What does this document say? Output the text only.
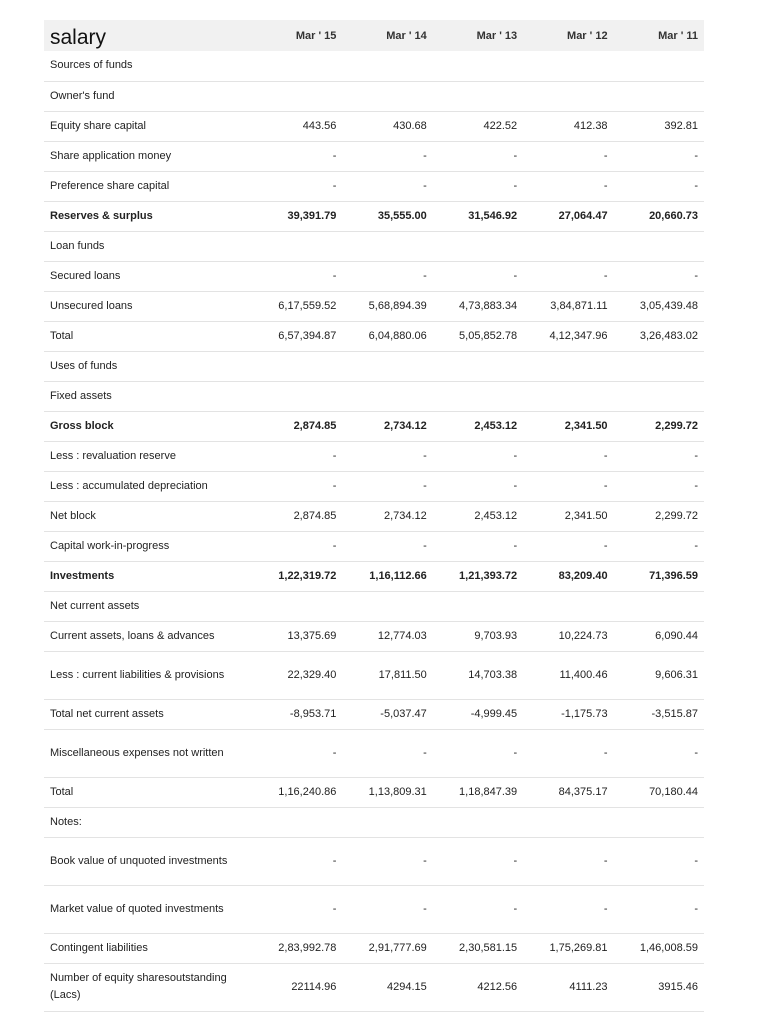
salary	Mar ' 15	Mar ' 14	Mar ' 13	Mar ' 12	Mar ' 11
Sources of funds					
Owner's fund					
Equity share capital	443.56	430.68	422.52	412.38	392.81
Share application money	-	-	-	-	-
Preference share capital	-	-	-	-	-
Reserves & surplus	39,391.79	35,555.00	31,546.92	27,064.47	20,660.73
Loan funds					
Secured loans	-	-	-	-	-
Unsecured loans	6,17,559.52	5,68,894.39	4,73,883.34	3,84,871.11	3,05,439.48
Total	6,57,394.87	6,04,880.06	5,05,852.78	4,12,347.96	3,26,483.02
Uses of funds					
Fixed assets					
Gross block	2,874.85	2,734.12	2,453.12	2,341.50	2,299.72
Less : revaluation reserve	-	-	-	-	-
Less : accumulated depreciation	-	-	-	-	-
Net block	2,874.85	2,734.12	2,453.12	2,341.50	2,299.72
Capital work-in-progress	-	-	-	-	-
Investments	1,22,319.72	1,16,112.66	1,21,393.72	83,209.40	71,396.59
Net current assets					
Current assets, loans & advances	13,375.69	12,774.03	9,703.93	10,224.73	6,090.44
Less : current liabilities & provisions	22,329.40	17,811.50	14,703.38	11,400.46	9,606.31
Total net current assets	-8,953.71	-5,037.47	-4,999.45	-1,175.73	-3,515.87
Miscellaneous expenses not written	-	-	-	-	-
Total	1,16,240.86	1,13,809.31	1,18,847.39	84,375.17	70,180.44
Notes:					
Book value of unquoted investments	-	-	-	-	-
Market value of quoted investments	-	-	-	-	-
Contingent liabilities	2,83,992.78	2,91,777.69	2,30,581.15	1,75,269.81	1,46,008.59
Number of equity sharesoutstanding (Lacs)	22114.96	4294.15	4212.56	4111.23	3915.46
